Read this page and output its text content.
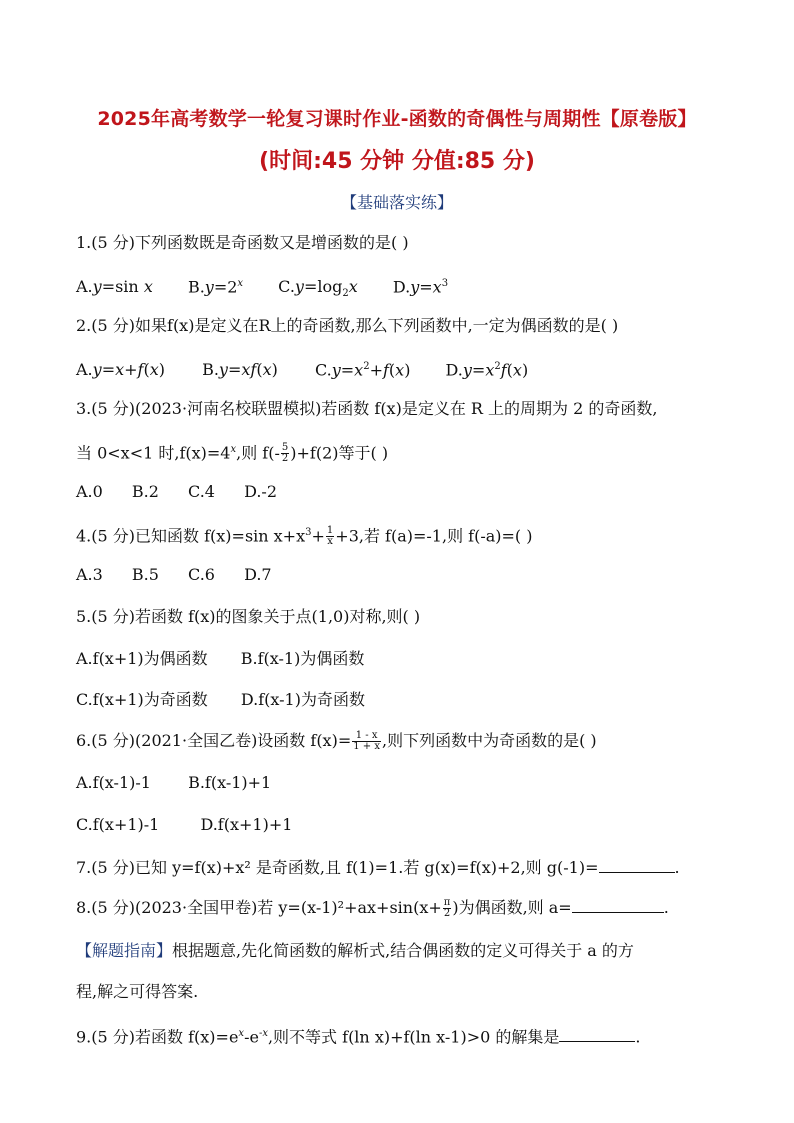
2025年高考数学一轮复习课时作业-函数的奇偶性与周期性【原卷版】
(时间:45 分钟 分值:85 分)
【基础落实练】
1.(5 分)下列函数既是奇函数又是增函数的是( )
A.y=sin x $B.y=2^x$ $C.y=\log_2x$ $D.y=x^3$
2.(5 分)如果f(x)是定义在R上的奇函数,那么下列函数中,一定为偶函数的是( )
A.y=x+f(x) B.y=xf(x) $C.y=x^2+f(x)$ $D.y=x^2f(x)$
3.(5 分)(2023·河南名校联盟模拟)若函数 f(x)是定义在 R 上的周期为 2 的奇函数,
当 0<x<1 时$,f(x)=4^x$,则 $f(- \frac{5}{2} )+f(2)$等于( )
A.0 B.2 C.4 D.-2
4.(5 分)已知函数 f(x)=sin $x+x^3+ \frac{1}{x} +3$,若 f(a)=-1,则 f(-a)=( )
A.3 B.5 C.6 D.7
5.(5 分)若函数 f(x)的图象关于点(1,0)对称,则( )
A.f(x+1)为偶函数 B.f(x-1)为偶函数
C.f(x+1)为奇函数 D.f(x-1)为奇函数
6.(5 分)(2021·全国乙卷)设函数 $f(x)= \frac{1 - x}{1 + x}$ ,则下列函数中为奇函数的是( )
A.f(x-1)-1 B.f(x-1)+1
C.f(x+1)-1	D.f(x+1)+1
7.(5 分)已知 y=f(x)+x² 是奇函数,且 f(1)=1.若 g(x)=f(x)+2,则 g(-1)=	.
8.(5 分)(2023·全国甲卷)若 $y=(x-1)^2+ax+\sin(x+ \frac{\pi}{2}$ )为偶函数,则 a=	.
【解题指南】根据题意,先化简函数的解析式,结合偶函数的定义可得关于 a 的方
程,解之可得答案.
9.(5 分)若函数 $f(x)=e^x-e^{-x}$,则不等式 f(ln x)+f(ln x-1)>0 的解集是	.
